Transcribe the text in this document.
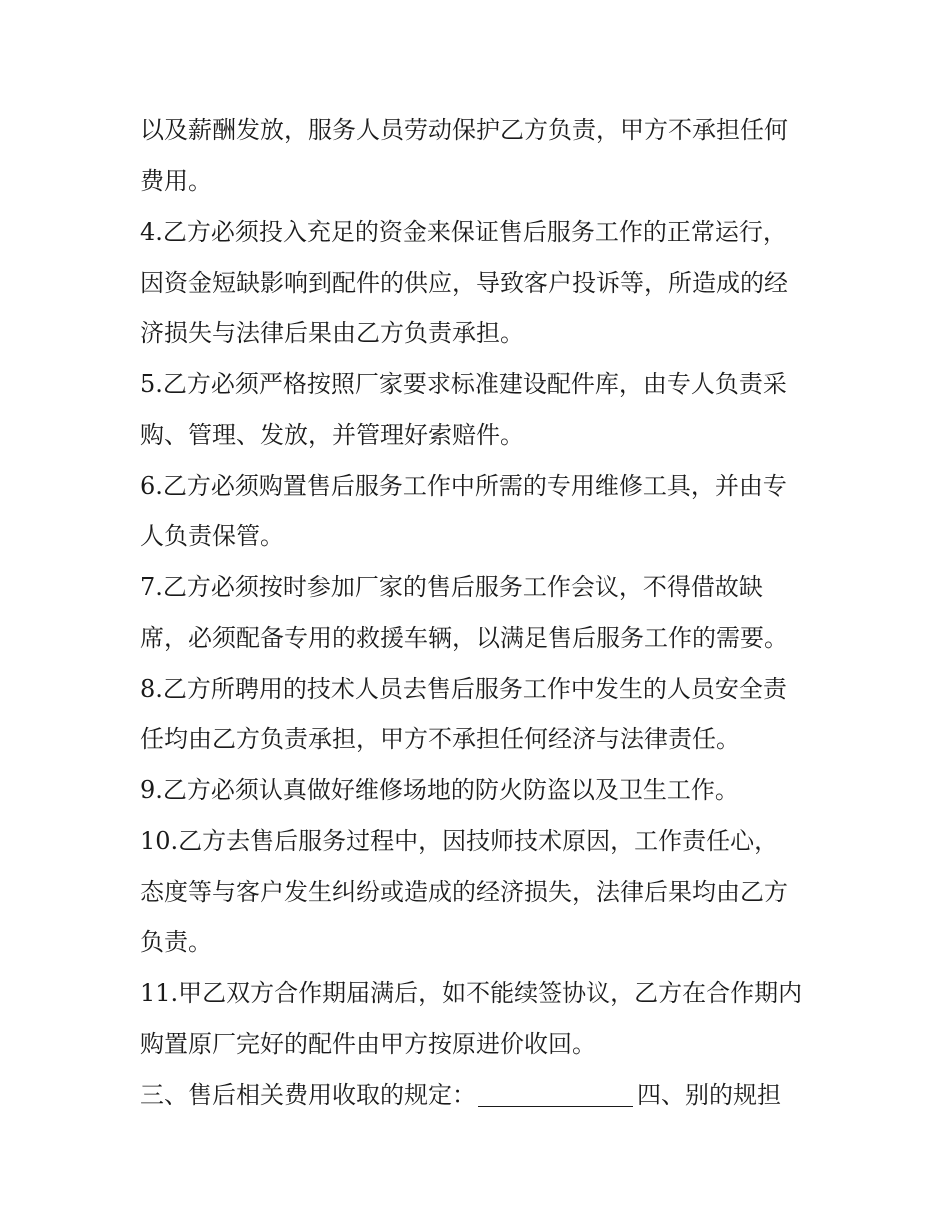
以及薪酬发放，服务人员劳动保护乙方负责，甲方不承担任何
费用。
4.乙方必须投入充足的资金来保证售后服务工作的正常运行，
因资金短缺影响到配件的供应，导致客户投诉等，所造成的经
济损失与法律后果由乙方负责承担。
5.乙方必须严格按照厂家要求标准建设配件库，由专人负责采
购、管理、发放，并管理好索赔件。
6.乙方必须购置售后服务工作中所需的专用维修工具，并由专
人负责保管。
7.乙方必须按时参加厂家的售后服务工作会议，不得借故缺
席，必须配备专用的救援车辆，以满足售后服务工作的需要。
8.乙方所聘用的技术人员去售后服务工作中发生的人员安全责
任均由乙方负责承担，甲方不承担任何经济与法律责任。
9.乙方必须认真做好维修场地的防火防盗以及卫生工作。
10.乙方去售后服务过程中，因技师技术原因，工作责任心，
态度等与客户发生纠纷或造成的经济损失，法律后果均由乙方
负责。
11.甲乙双方合作期届满后，如不能续签协议，乙方在合作期内
购置原厂完好的配件由甲方按原进价收回。
三、售后相关费用收取的规定：	四、别的规担
